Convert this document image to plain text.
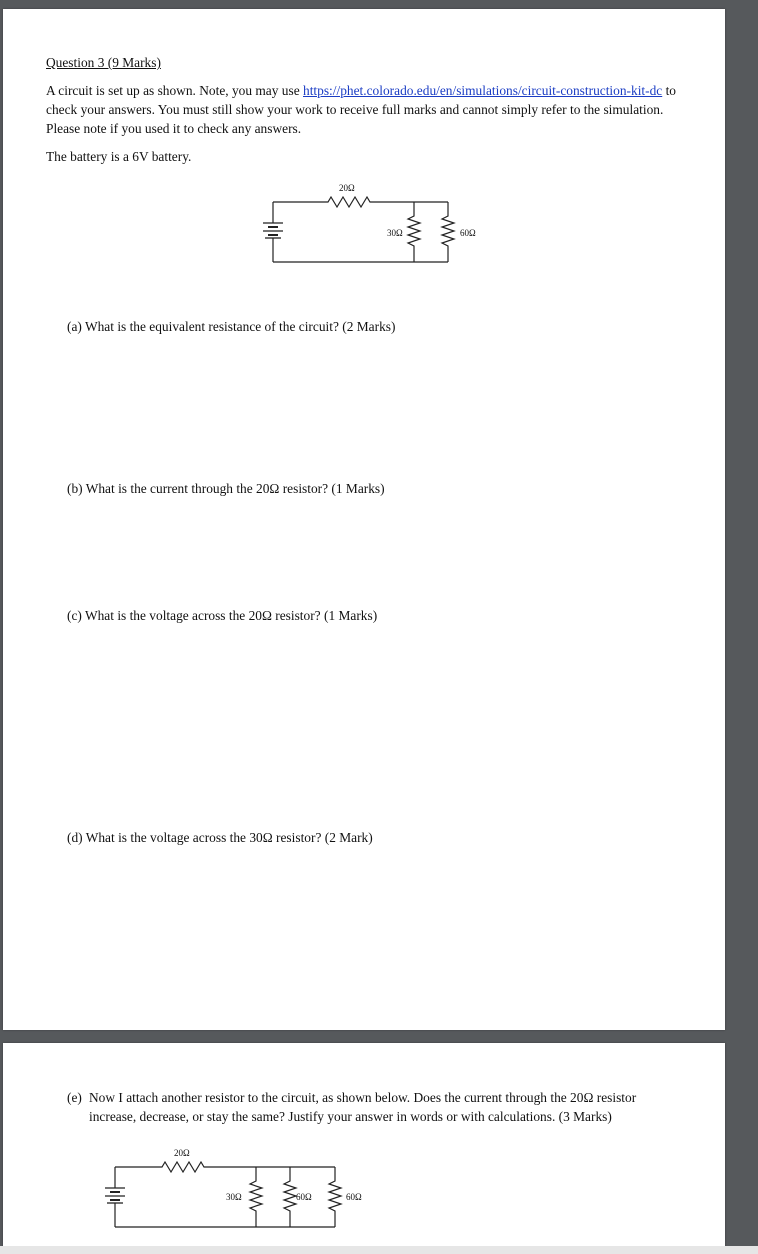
Question 3 (9 Marks)

A circuit is set up as shown. Note, you may use https://phet.colorado.edu/en/simulations/circuit-construction-kit-dc to check your answers. You must still show your work to receive full marks and cannot simply refer to the simulation. Please note if you used it to check any answers.

The battery is a 6V battery.

20Ω
30Ω	60Ω

(a) What is the equivalent resistance of the circuit? (2 Marks)

(b) What is the current through the 20Ω resistor? (1 Marks)

(c) What is the voltage across the 20Ω resistor? (1 Marks)

(d) What is the voltage across the 30Ω resistor? (2 Mark)

(e) Now I attach another resistor to the circuit, as shown below. Does the current through the 20Ω resistor increase, decrease, or stay the same? Justify your answer in words or with calculations. (3 Marks)
20Ω
30Ω	60Ω	60Ω
